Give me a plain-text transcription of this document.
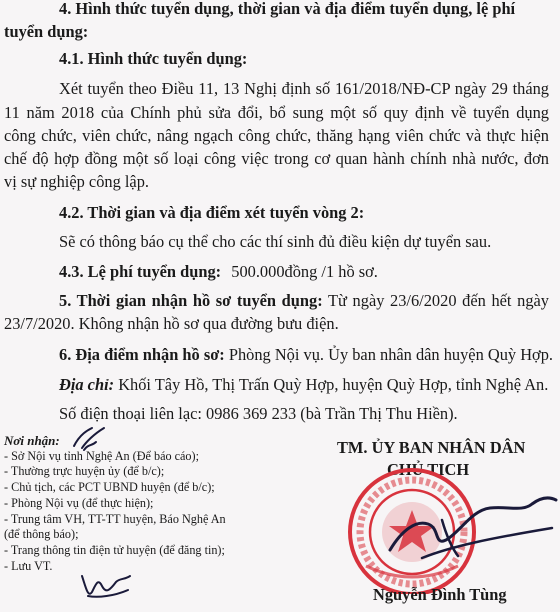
4. Hình thức tuyển dụng, thời gian và địa điểm tuyển dụng, lệ phí
tuyển dụng:
4.1. Hình thức tuyển dụng:
Xét tuyển theo Điều 11, 13 Nghị định số 161/2018/NĐ-CP ngày 29 tháng
11 năm 2018 của Chính phủ sửa đổi, bổ sung một số quy định về tuyển dụng
công chức, viên chức, nâng ngạch công chức, thăng hạng viên chức và thực hiện
chế độ hợp đồng một số loại công việc trong cơ quan hành chính nhà nước, đơn
vị sự nghiệp công lập.
4.2. Thời gian và địa điểm xét tuyển vòng 2:
Sẽ có thông báo cụ thể cho các thí sinh đủ điều kiện dự tuyển sau.
4.3. Lệ phí tuyển dụng: 500.000đồng /1 hồ sơ.
5. Thời gian nhận hồ sơ tuyển dụng: Từ ngày 23/6/2020 đến hết ngày
23/7/2020. Không nhận hồ sơ qua đường bưu điện.
6. Địa điểm nhận hồ sơ: Phòng Nội vụ. Ủy ban nhân dân huyện Quỳ Hợp.
Địa chỉ: Khối Tây Hồ, Thị Trấn Quỳ Hợp, huyện Quỳ Hợp, tỉnh Nghệ An.
Số điện thoại liên lạc: 0986 369 233 (bà Trần Thị Thu Hiền).
Nơi nhận:
- Sở Nội vụ tỉnh Nghệ An (Để báo cáo);
- Thường trực huyện ủy (để b/c);
- Chủ tịch, các PCT UBND huyện (để b/c);
- Phòng Nội vụ (để thực hiện);
- Trung tâm VH, TT-TT huyện, Báo Nghệ An
(để thông báo);
- Trang thông tin điện tử huyện (để đăng tin);
- Lưu VT.
TM. ỦY BAN NHÂN DÂN
CHỦ TỊCH
Nguyễn Đình Tùng
